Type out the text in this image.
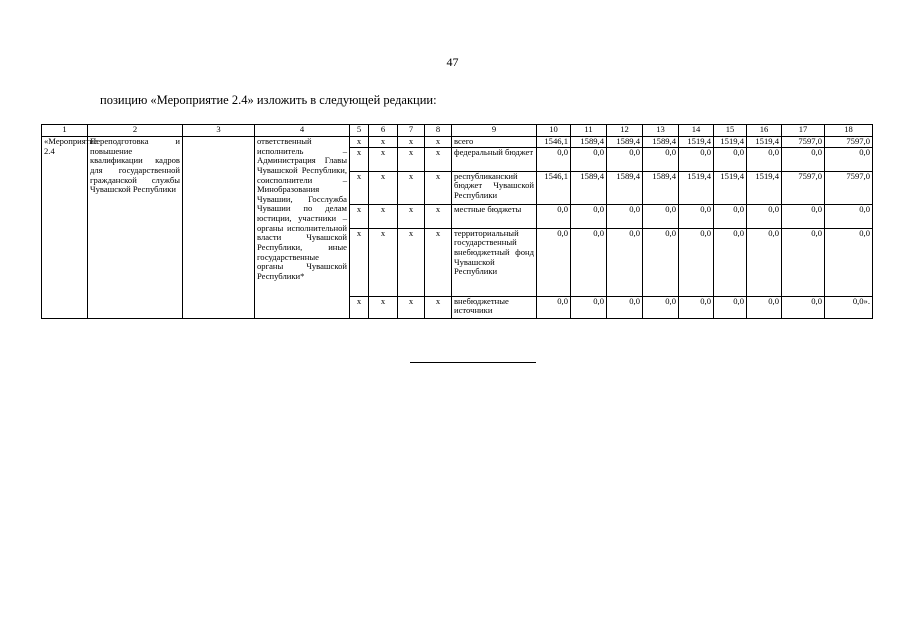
47
позицию «Мероприятие 2.4» изложить в следующей редакции:
1	2	3	4	5	6	7	8	9	10	11	12	13	14	15	16	17	18
«Мероприятие 2.4	Переподготовка и повышение квалификации кадров для государственной гражданской службы Чувашской Республики		ответственный исполнитель – Администрация Главы Чувашской Республики, соисполнители – Минобразования Чувашии, Госслужба Чувашии по делам юстиции, участники – органы исполнительной власти Чувашской Республики, иные государственные органы Чувашской Республики*	x	x	x	x	всего	1546,1	1589,4	1589,4	1589,4	1519,4	1519,4	1519,4	7597,0	7597,0
				x	x	x	x	федеральный бюджет	0,0	0,0	0,0	0,0	0,0	0,0	0,0	0,0	0,0
				x	x	x	x	республиканский бюджет Чувашской Республики	1546,1	1589,4	1589,4	1589,4	1519,4	1519,4	1519,4	7597,0	7597,0
				x	x	x	x	местные бюджеты	0,0	0,0	0,0	0,0	0,0	0,0	0,0	0,0	0,0
				x	x	x	x	территориальный государственный внебюджетный фонд Чувашской Республики	0,0	0,0	0,0	0,0	0,0	0,0	0,0	0,0	0,0
				x	x	x	x	внебюджетные источники	0,0	0,0	0,0	0,0	0,0	0,0	0,0	0,0	0,0».
